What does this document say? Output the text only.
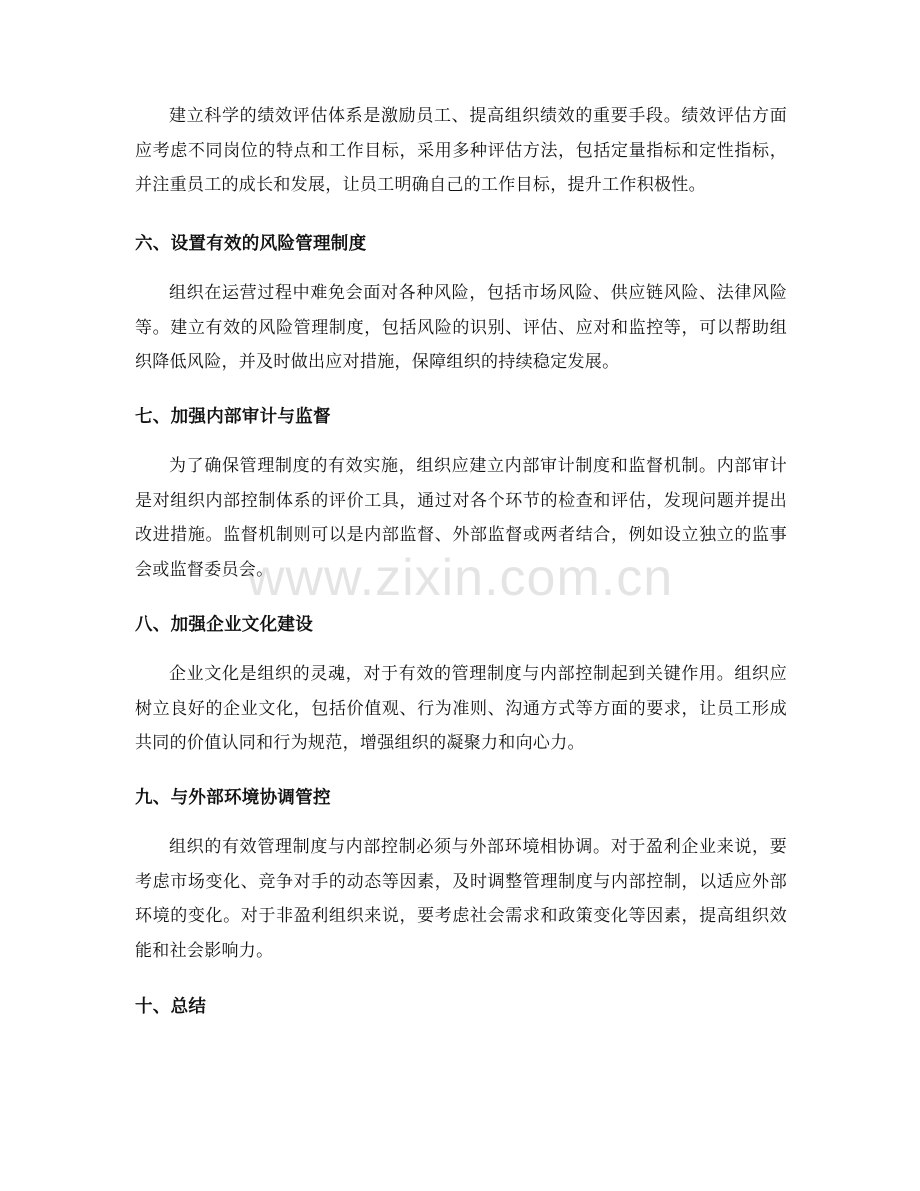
建立科学的绩效评估体系是激励员工、提高组织绩效的重要手段。绩效评估方面应考虑不同岗位的特点和工作目标，采用多种评估方法，包括定量指标和定性指标，并注重员工的成长和发展，让员工明确自己的工作目标，提升工作积极性。

六、设置有效的风险管理制度

组织在运营过程中难免会面对各种风险，包括市场风险、供应链风险、法律风险等。建立有效的风险管理制度，包括风险的识别、评估、应对和监控等，可以帮助组织降低风险，并及时做出应对措施，保障组织的持续稳定发展。

七、加强内部审计与监督

为了确保管理制度的有效实施，组织应建立内部审计制度和监督机制。内部审计是对组织内部控制体系的评价工具，通过对各个环节的检查和评估，发现问题并提出改进措施。监督机制则可以是内部监督、外部监督或两者结合，例如设立独立的监事会或监督委员会。

八、加强企业文化建设

企业文化是组织的灵魂，对于有效的管理制度与内部控制起到关键作用。组织应树立良好的企业文化，包括价值观、行为准则、沟通方式等方面的要求，让员工形成共同的价值认同和行为规范，增强组织的凝聚力和向心力。

九、与外部环境协调管控

组织的有效管理制度与内部控制必须与外部环境相协调。对于盈利企业来说，要考虑市场变化、竞争对手的动态等因素，及时调整管理制度与内部控制，以适应外部环境的变化。对于非盈利组织来说，要考虑社会需求和政策变化等因素，提高组织效能和社会影响力。

十、总结
www.zixin.com.cn
